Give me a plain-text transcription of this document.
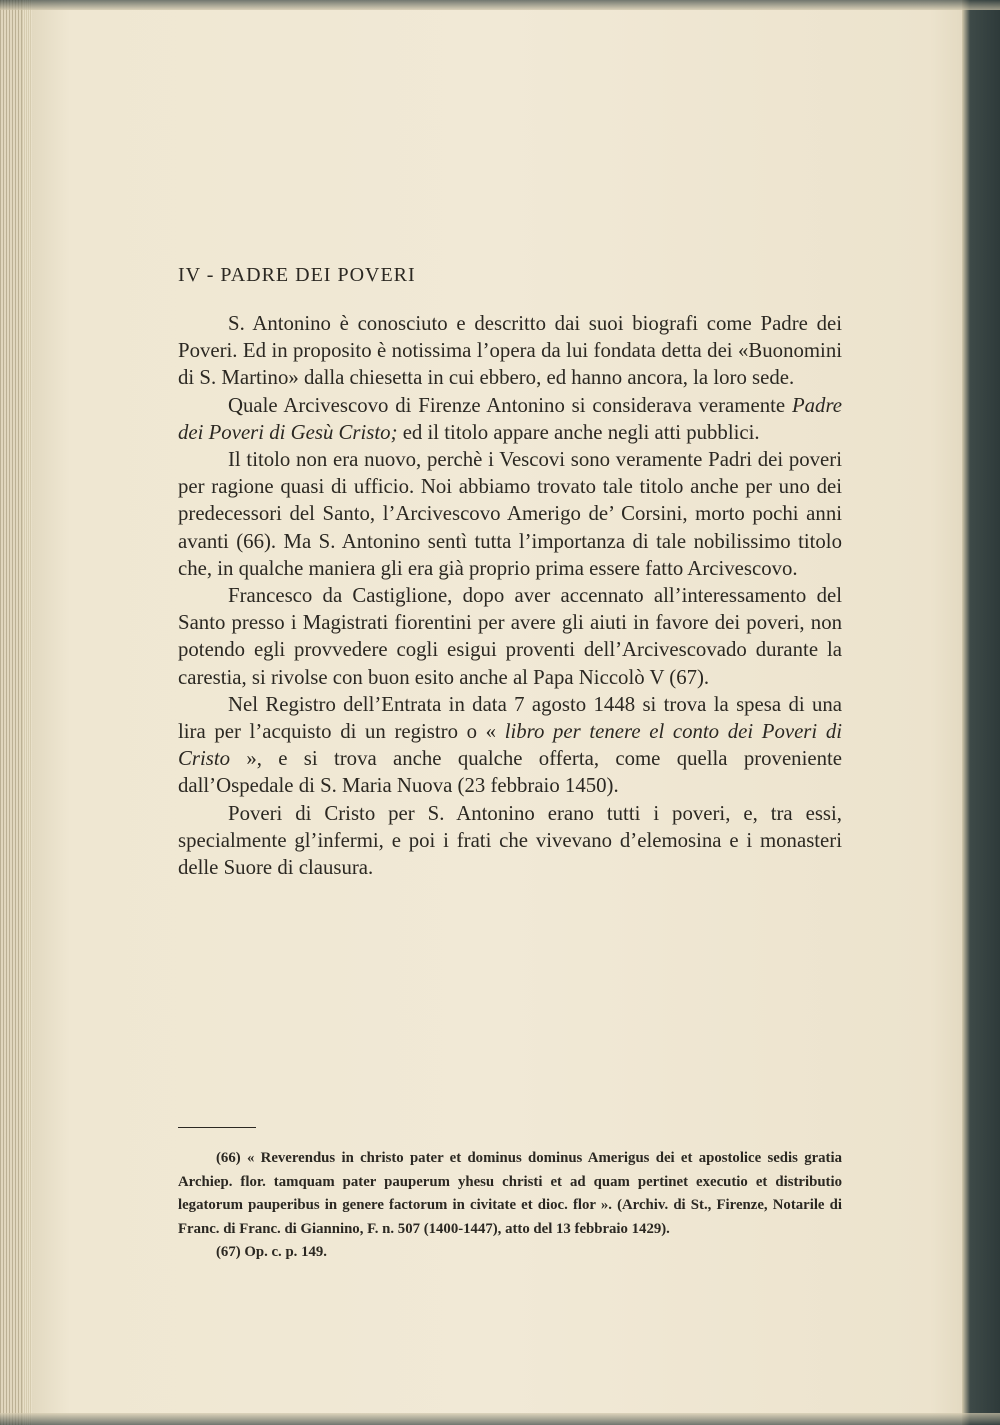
IV - PADRE DEI POVERI

S. Antonino è conosciuto e descritto dai suoi biografi come Padre dei Poveri. Ed in proposito è notissima l’opera da lui fondata detta dei «Buonomini di S. Martino» dalla chiesetta in cui ebbero, ed hanno ancora, la loro sede.

Quale Arcivescovo di Firenze Antonino si considerava veramente Padre dei Poveri di Gesù Cristo; ed il titolo appare anche negli atti pubblici.

Il titolo non era nuovo, perchè i Vescovi sono veramente Padri dei poveri per ragione quasi di ufficio. Noi abbiamo trovato tale titolo anche per uno dei predecessori del Santo, l’Arcivescovo Amerigo de’ Corsini, morto pochi anni avanti (66). Ma S. Antonino sentì tutta l’importanza di tale nobilissimo titolo che, in qualche maniera gli era già proprio prima essere fatto Arcivescovo.

Francesco da Castiglione, dopo aver accennato all’interessamento del Santo presso i Magistrati fiorentini per avere gli aiuti in favore dei poveri, non potendo egli provvedere cogli esigui proventi dell’Arcivescovado durante la carestia, si rivolse con buon esito anche al Papa Niccolò V (67).

Nel Registro dell’Entrata in data 7 agosto 1448 si trova la spesa di una lira per l’acquisto di un registro o « libro per tenere el conto dei Poveri di Cristo », e si trova anche qualche offerta, come quella proveniente dall’Ospedale di S. Maria Nuova (23 febbraio 1450).

Poveri di Cristo per S. Antonino erano tutti i poveri, e, tra essi, specialmente gl’infermi, e poi i frati che vivevano d’elemosina e i monasteri delle Suore di clausura.

(66) « Reverendus in christo pater et dominus dominus Amerigus dei et apostolice sedis gratia Archiep. flor. tamquam pater pauperum yhesu christi et ad quam pertinet executio et distributio legatorum pauperibus in genere factorum in civitate et dioc. flor ». (Archiv. di St., Firenze, Notarile di Franc. di Franc. di Giannino, F. n. 507 (1400-1447), atto del 13 febbraio 1429).

(67) Op. c. p. 149.
